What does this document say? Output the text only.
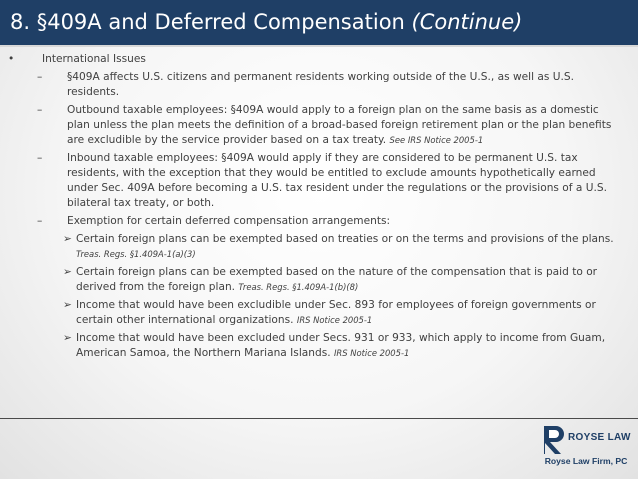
8. §409A and Deferred Compensation (Continue)
•	International Issues
– §409A affects U.S. citizens and permanent residents working outside of the U.S., as well as U.S. residents.
– Outbound taxable employees: §409A would apply to a foreign plan on the same basis as a domestic plan unless the plan meets the definition of a broad-based foreign retirement plan or the plan benefits are excludible by the service provider based on a tax treaty. See IRS Notice 2005-1
– Inbound taxable employees: §409A would apply if they are considered to be permanent U.S. tax residents, with the exception that they would be entitled to exclude amounts hypothetically earned under Sec. 409A before becoming a U.S. tax resident under the regulations or the provisions of a U.S. bilateral tax treaty, or both.
– Exemption for certain deferred compensation arrangements:
➢ Certain foreign plans can be exempted based on treaties or on the terms and provisions of the plans. Treas. Regs. §1.409A-1(a)(3)
➢ Certain foreign plans can be exempted based on the nature of the compensation that is paid to or derived from the foreign plan. Treas. Regs. §1.409A-1(b)(8)
➢ Income that would have been excludible under Sec. 893 for employees of foreign governments or certain other international organizations. IRS Notice 2005-1
➢ Income that would have been excluded under Secs. 931 or 933, which apply to income from Guam, American Samoa, the Northern Mariana Islands. IRS Notice 2005-1
ROYSE LAW
Royse Law Firm, PC
